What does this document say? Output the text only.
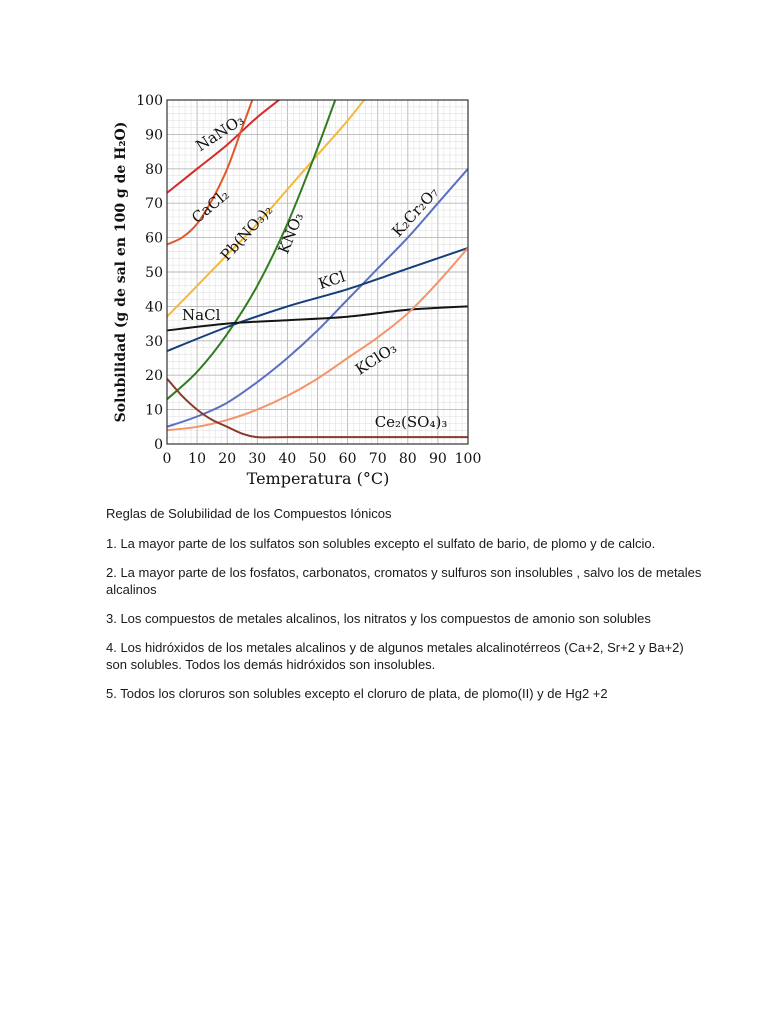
0 10 20 30 40 50 60 70 80 90 100
0
10
20
30
40
50
60
70
80
90
100
NaNO₃
CaCl₂
Pb(NO₃)₂
KNO₃	K₂Cr₂O₇
KCl
NaCl
KClO₃
Ce₂(SO₄)₃
Temperatura (°C)
Solubilidad (g de sal en 100 g de H₂O)
Reglas de Solubilidad de los Compuestos Iónicos

1. La mayor parte de los sulfatos son solubles excepto el sulfato de bario, de plomo y de calcio.

2. La mayor parte de los fosfatos, carbonatos, cromatos y sulfuros son insolubles , salvo los de metales alcalinos

3. Los compuestos de metales alcalinos, los nitratos y los compuestos de amonio son solubles

4. Los hidróxidos de los metales alcalinos y de algunos metales alcalinotérreos (Ca+2, Sr+2 y Ba+2) son solubles. Todos los demás hidróxidos son insolubles.

5. Todos los cloruros son solubles excepto el cloruro de plata, de plomo(II) y de Hg2 +2
